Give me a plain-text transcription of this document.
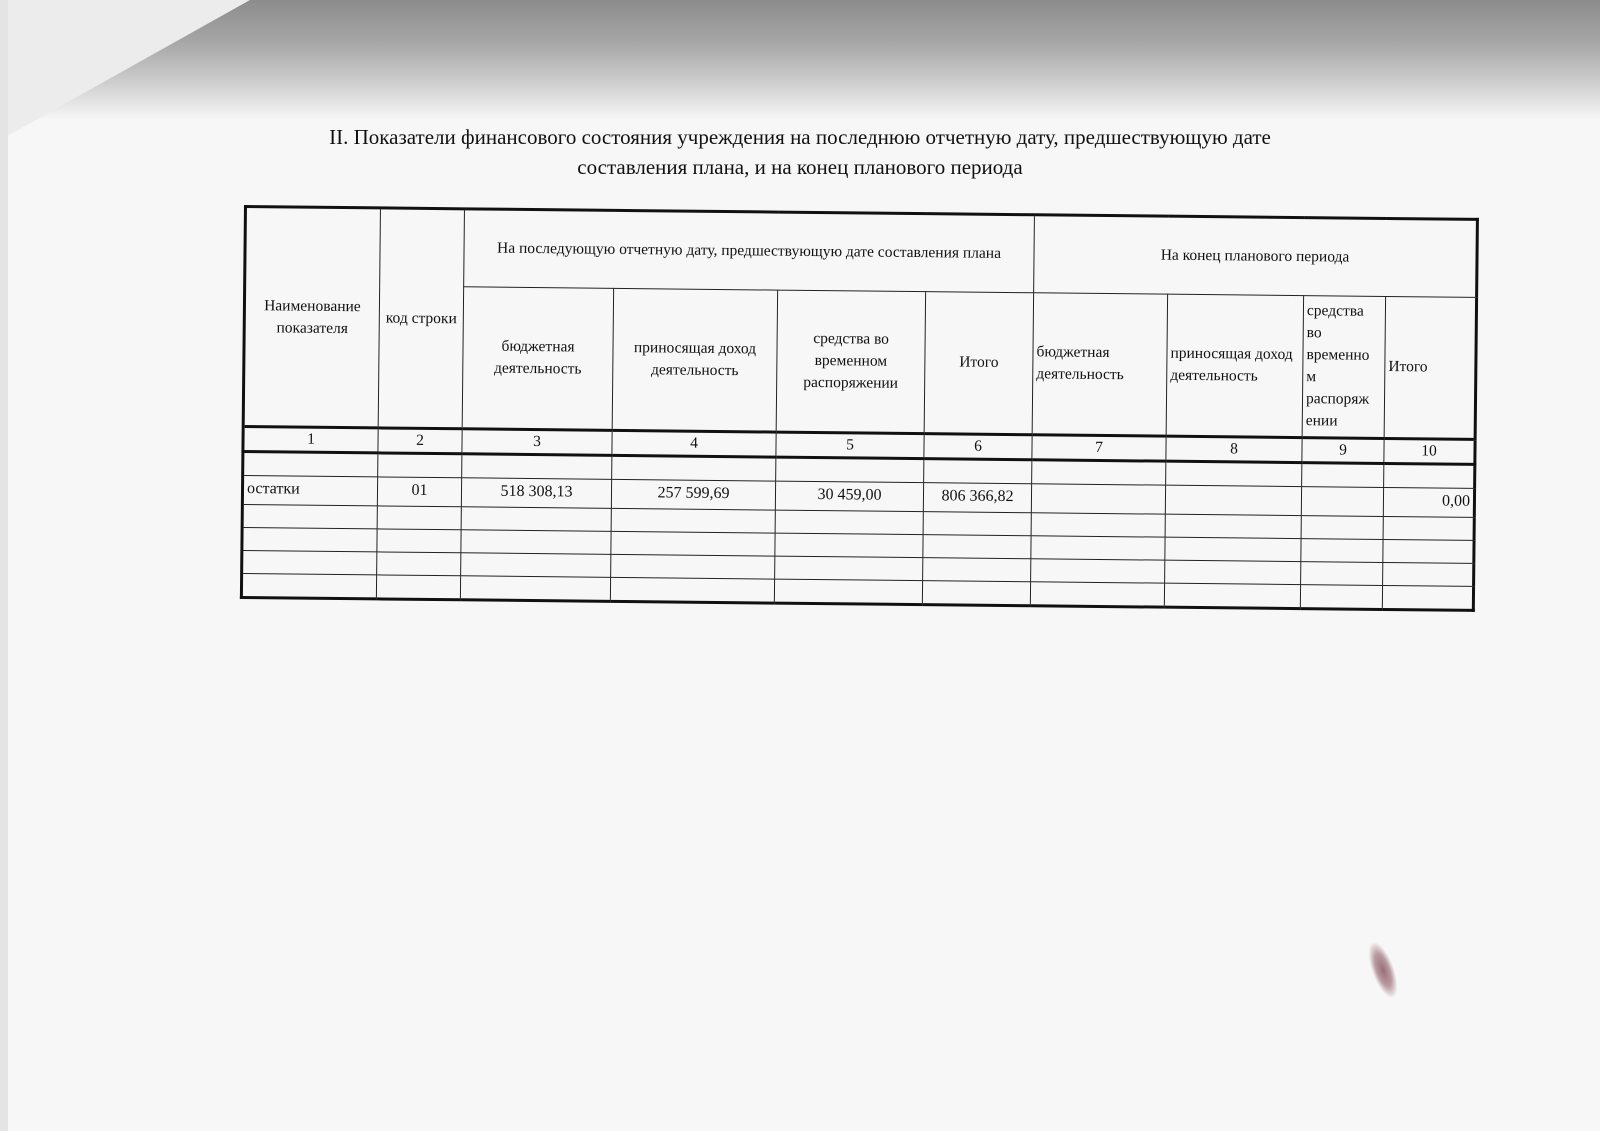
II. Показатели финансового состояния учреждения на последнюю отчетную дату, предшествующую дате составления плана, и на конец планового периода
Наименование показателя	код строки	На последующую отчетную дату, предшествующую дате составления плана				На конец планового периода			
		бюджетная деятельность	приносящая доход деятельность	средства во временном распоряжении	Итого	бюджетная деятельность	приносящая доход деятельность	средства во временно м распоряж ении	Итого
1	2	3	4	5	6	7	8	9	10

остатки	01	518 308,13	257 599,69	30 459,00	806 366,82				0,00
